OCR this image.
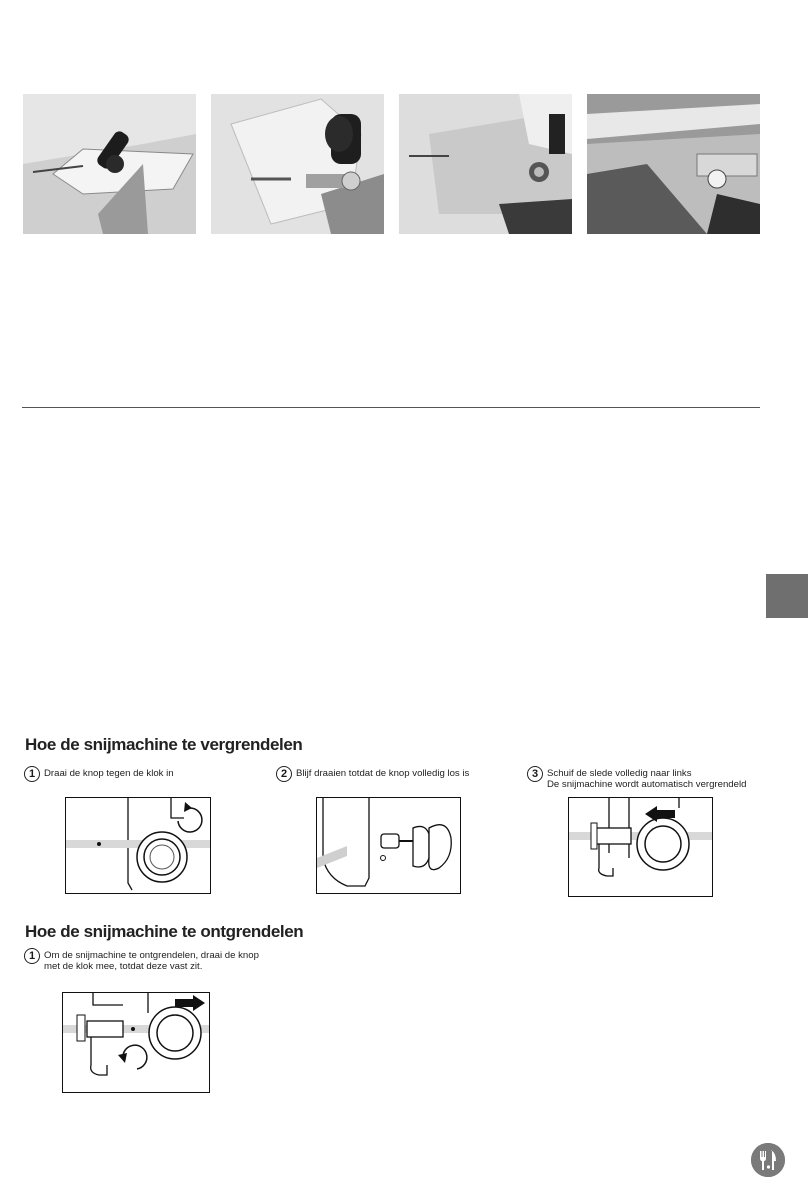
Hoe de snijmachine te vergrendelen
1 Draai de knop tegen de klok in	2 Blijf draaien totdat de knop volledig los is	3 Schuif de slede volledig naar links
De snijmachine wordt automatisch vergrendeld
Hoe de snijmachine te ontgrendelen
1 Om de snijmachine te ontgrendelen, draai de knop
met de klok mee, totdat deze vast zit.
